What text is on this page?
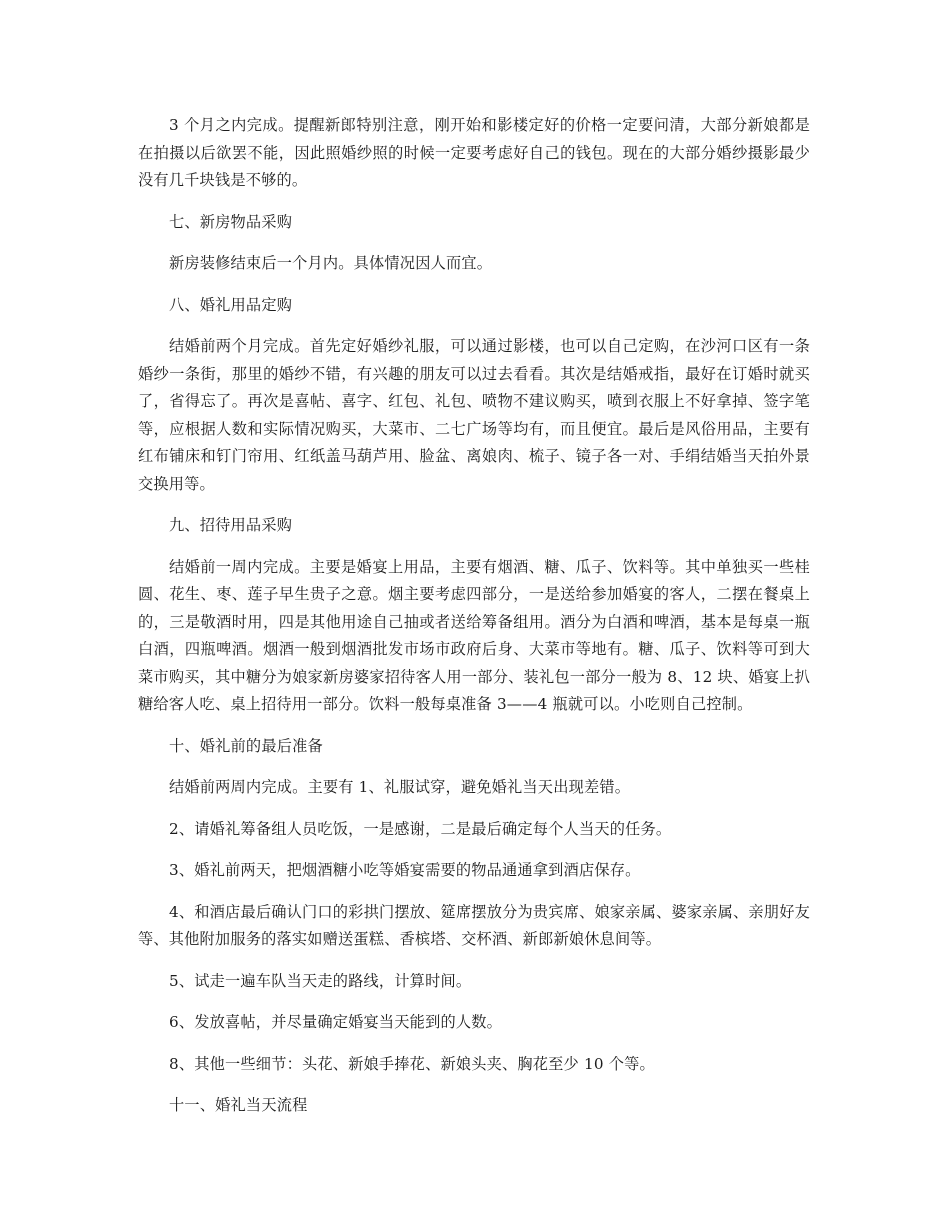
3 个月之内完成。提醒新郎特别注意，刚开始和影楼定好的价格一定要问清，大部分新娘都是在拍摄以后欲罢不能，因此照婚纱照的时候一定要考虑好自己的钱包。现在的大部分婚纱摄影最少没有几千块钱是不够的。

七、新房物品采购

新房装修结束后一个月内。具体情况因人而宜。

八、婚礼用品定购

结婚前两个月完成。首先定好婚纱礼服，可以通过影楼，也可以自己定购，在沙河口区有一条婚纱一条街，那里的婚纱不错，有兴趣的朋友可以过去看看。其次是结婚戒指，最好在订婚时就买了，省得忘了。再次是喜帖、喜字、红包、礼包、喷物不建议购买，喷到衣服上不好拿掉、签字笔等，应根据人数和实际情况购买，大菜市、二七广场等均有，而且便宜。最后是风俗用品，主要有红布铺床和钉门帘用、红纸盖马葫芦用、脸盆、离娘肉、梳子、镜子各一对、手绢结婚当天拍外景交换用等。

九、招待用品采购

结婚前一周内完成。主要是婚宴上用品，主要有烟酒、糖、瓜子、饮料等。其中单独买一些桂圆、花生、枣、莲子早生贵子之意。烟主要考虑四部分，一是送给参加婚宴的客人，二摆在餐桌上的，三是敬酒时用，四是其他用途自己抽或者送给筹备组用。酒分为白酒和啤酒，基本是每桌一瓶白酒，四瓶啤酒。烟酒一般到烟酒批发市场市政府后身、大菜市等地有。糖、瓜子、饮料等可到大菜市购买，其中糖分为娘家新房婆家招待客人用一部分、装礼包一部分一般为 8、12 块、婚宴上扒糖给客人吃、桌上招待用一部分。饮料一般每桌准备 3——4 瓶就可以。小吃则自己控制。

十、婚礼前的最后准备

结婚前两周内完成。主要有 1、礼服试穿，避免婚礼当天出现差错。

2、请婚礼筹备组人员吃饭，一是感谢，二是最后确定每个人当天的任务。

3、婚礼前两天，把烟酒糖小吃等婚宴需要的物品通通拿到酒店保存。

4、和酒店最后确认门口的彩拱门摆放、筵席摆放分为贵宾席、娘家亲属、婆家亲属、亲朋好友等、其他附加服务的落实如赠送蛋糕、香槟塔、交杯酒、新郎新娘休息间等。

5、试走一遍车队当天走的路线，计算时间。

6、发放喜帖，并尽量确定婚宴当天能到的人数。

8、其他一些细节：头花、新娘手捧花、新娘头夹、胸花至少 10 个等。

十一、婚礼当天流程
